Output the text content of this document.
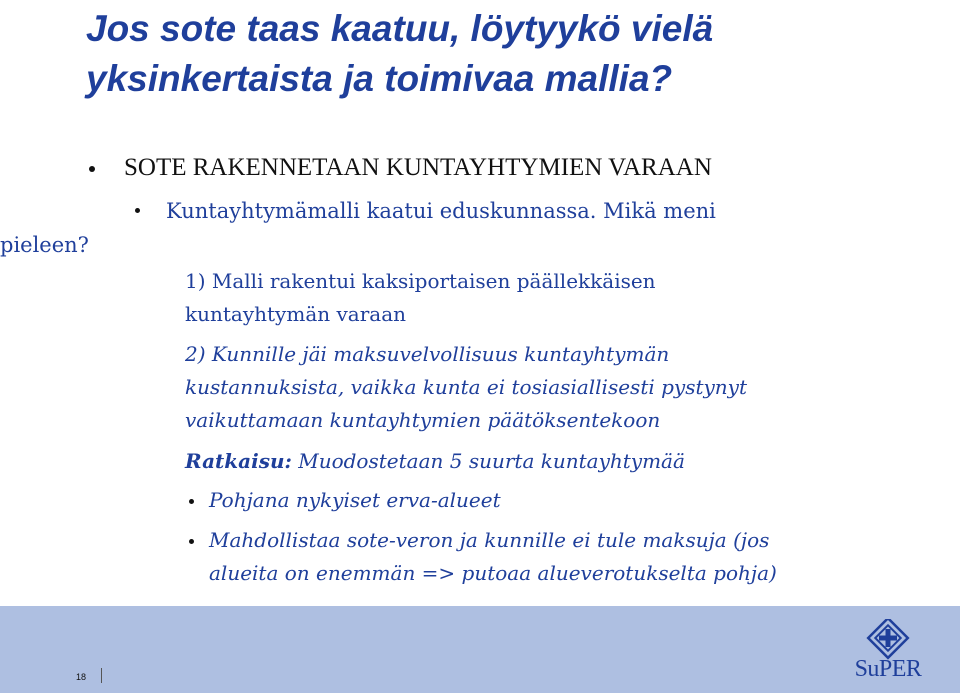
Jos sote taas kaatuu, löytyykö vielä
yksinkertaista ja toimivaa mallia?

SOTE RAKENNETAAN KUNTAYHTYMIEN VARAAN

Kuntayhtymämalli kaatui eduskunnassa. Mikä meni
pieleen?

1) Malli rakentui kaksiportaisen päällekkäisen
kuntayhtymän varaan

2) Kunnille jäi maksuvelvollisuus kuntayhtymän
kustannuksista, vaikka kunta ei tosiasiallisesti pystynyt
vaikuttamaan kuntayhtymien päätöksentekoon

Ratkaisu: Muodostetaan 5 suurta kuntayhtymää

Pohjana nykyiset erva-alueet

Mahdollistaa sote-veron ja kunnille ei tule maksuja (jos
alueita on enemmän => putoaa alueverotukselta pohja)

18	SuPER
